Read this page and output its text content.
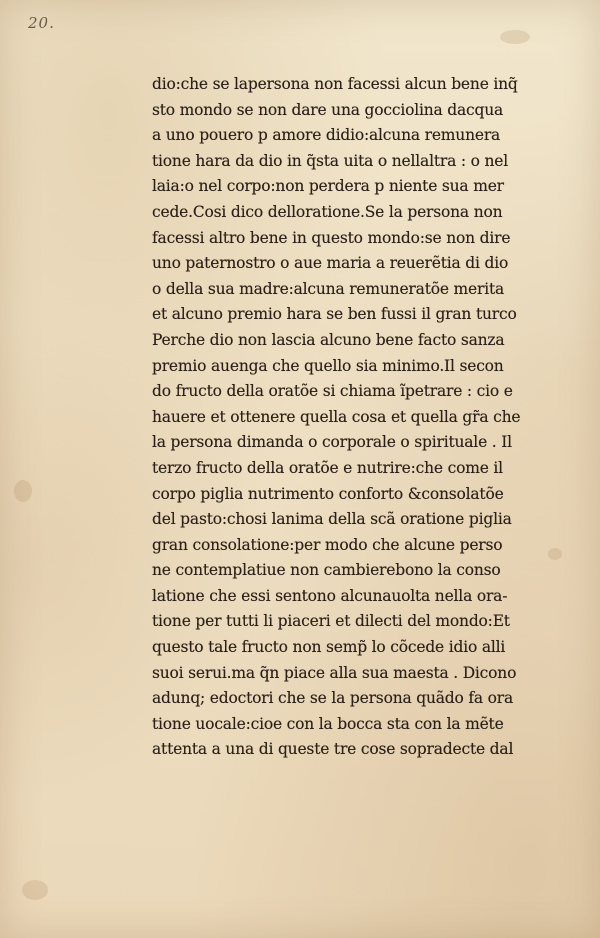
20.
dio:che se lapersona non facessi alcun bene inq̃
sto mondo se non dare una gocciolina dacqua
a uno pouero p amore didio:alcuna remunera
tione hara da dio in q̃sta uita o nellaltra : o nel
laia:o nel corpo:non perdera p niente sua mer
cede.Cosi dico delloratione.Se la persona non
facessi altro bene in questo mondo:se non dire
uno paternostro o aue maria a reuerẽtia di dio
o della sua madre:alcuna remuneratõe merita
et alcuno premio hara se ben fussi il gran turco
Perche dio non lascia alcuno bene facto sanza
premio auenga che quello sia minimo.Il secon
do fructo della oratõe si chiama ĩpetrare : cio e
hauere et ottenere quella cosa et quella gr̃a che
la persona dimanda o corporale o spirituale . Il
terzo fructo della oratõe e nutrire:che come il
corpo piglia nutrimento conforto &consolatõe
del pasto:chosi lanima della scã oratione piglia
gran consolatione:per modo che alcune perso
ne contemplatiue non cambierebono la conso
latione che essi sentono alcunauolta nella ora-
tione per tutti li piaceri et dilecti del mondo:Et
questo tale fructo non semp̃ lo cõcede idio alli
suoi serui.ma q̃n piace alla sua maesta . Dicono
adunq; edoctori che se la persona quãdo fa ora
tione uocale:cioe con la bocca sta con la mẽte
attenta a una di queste tre cose sopradecte dal
